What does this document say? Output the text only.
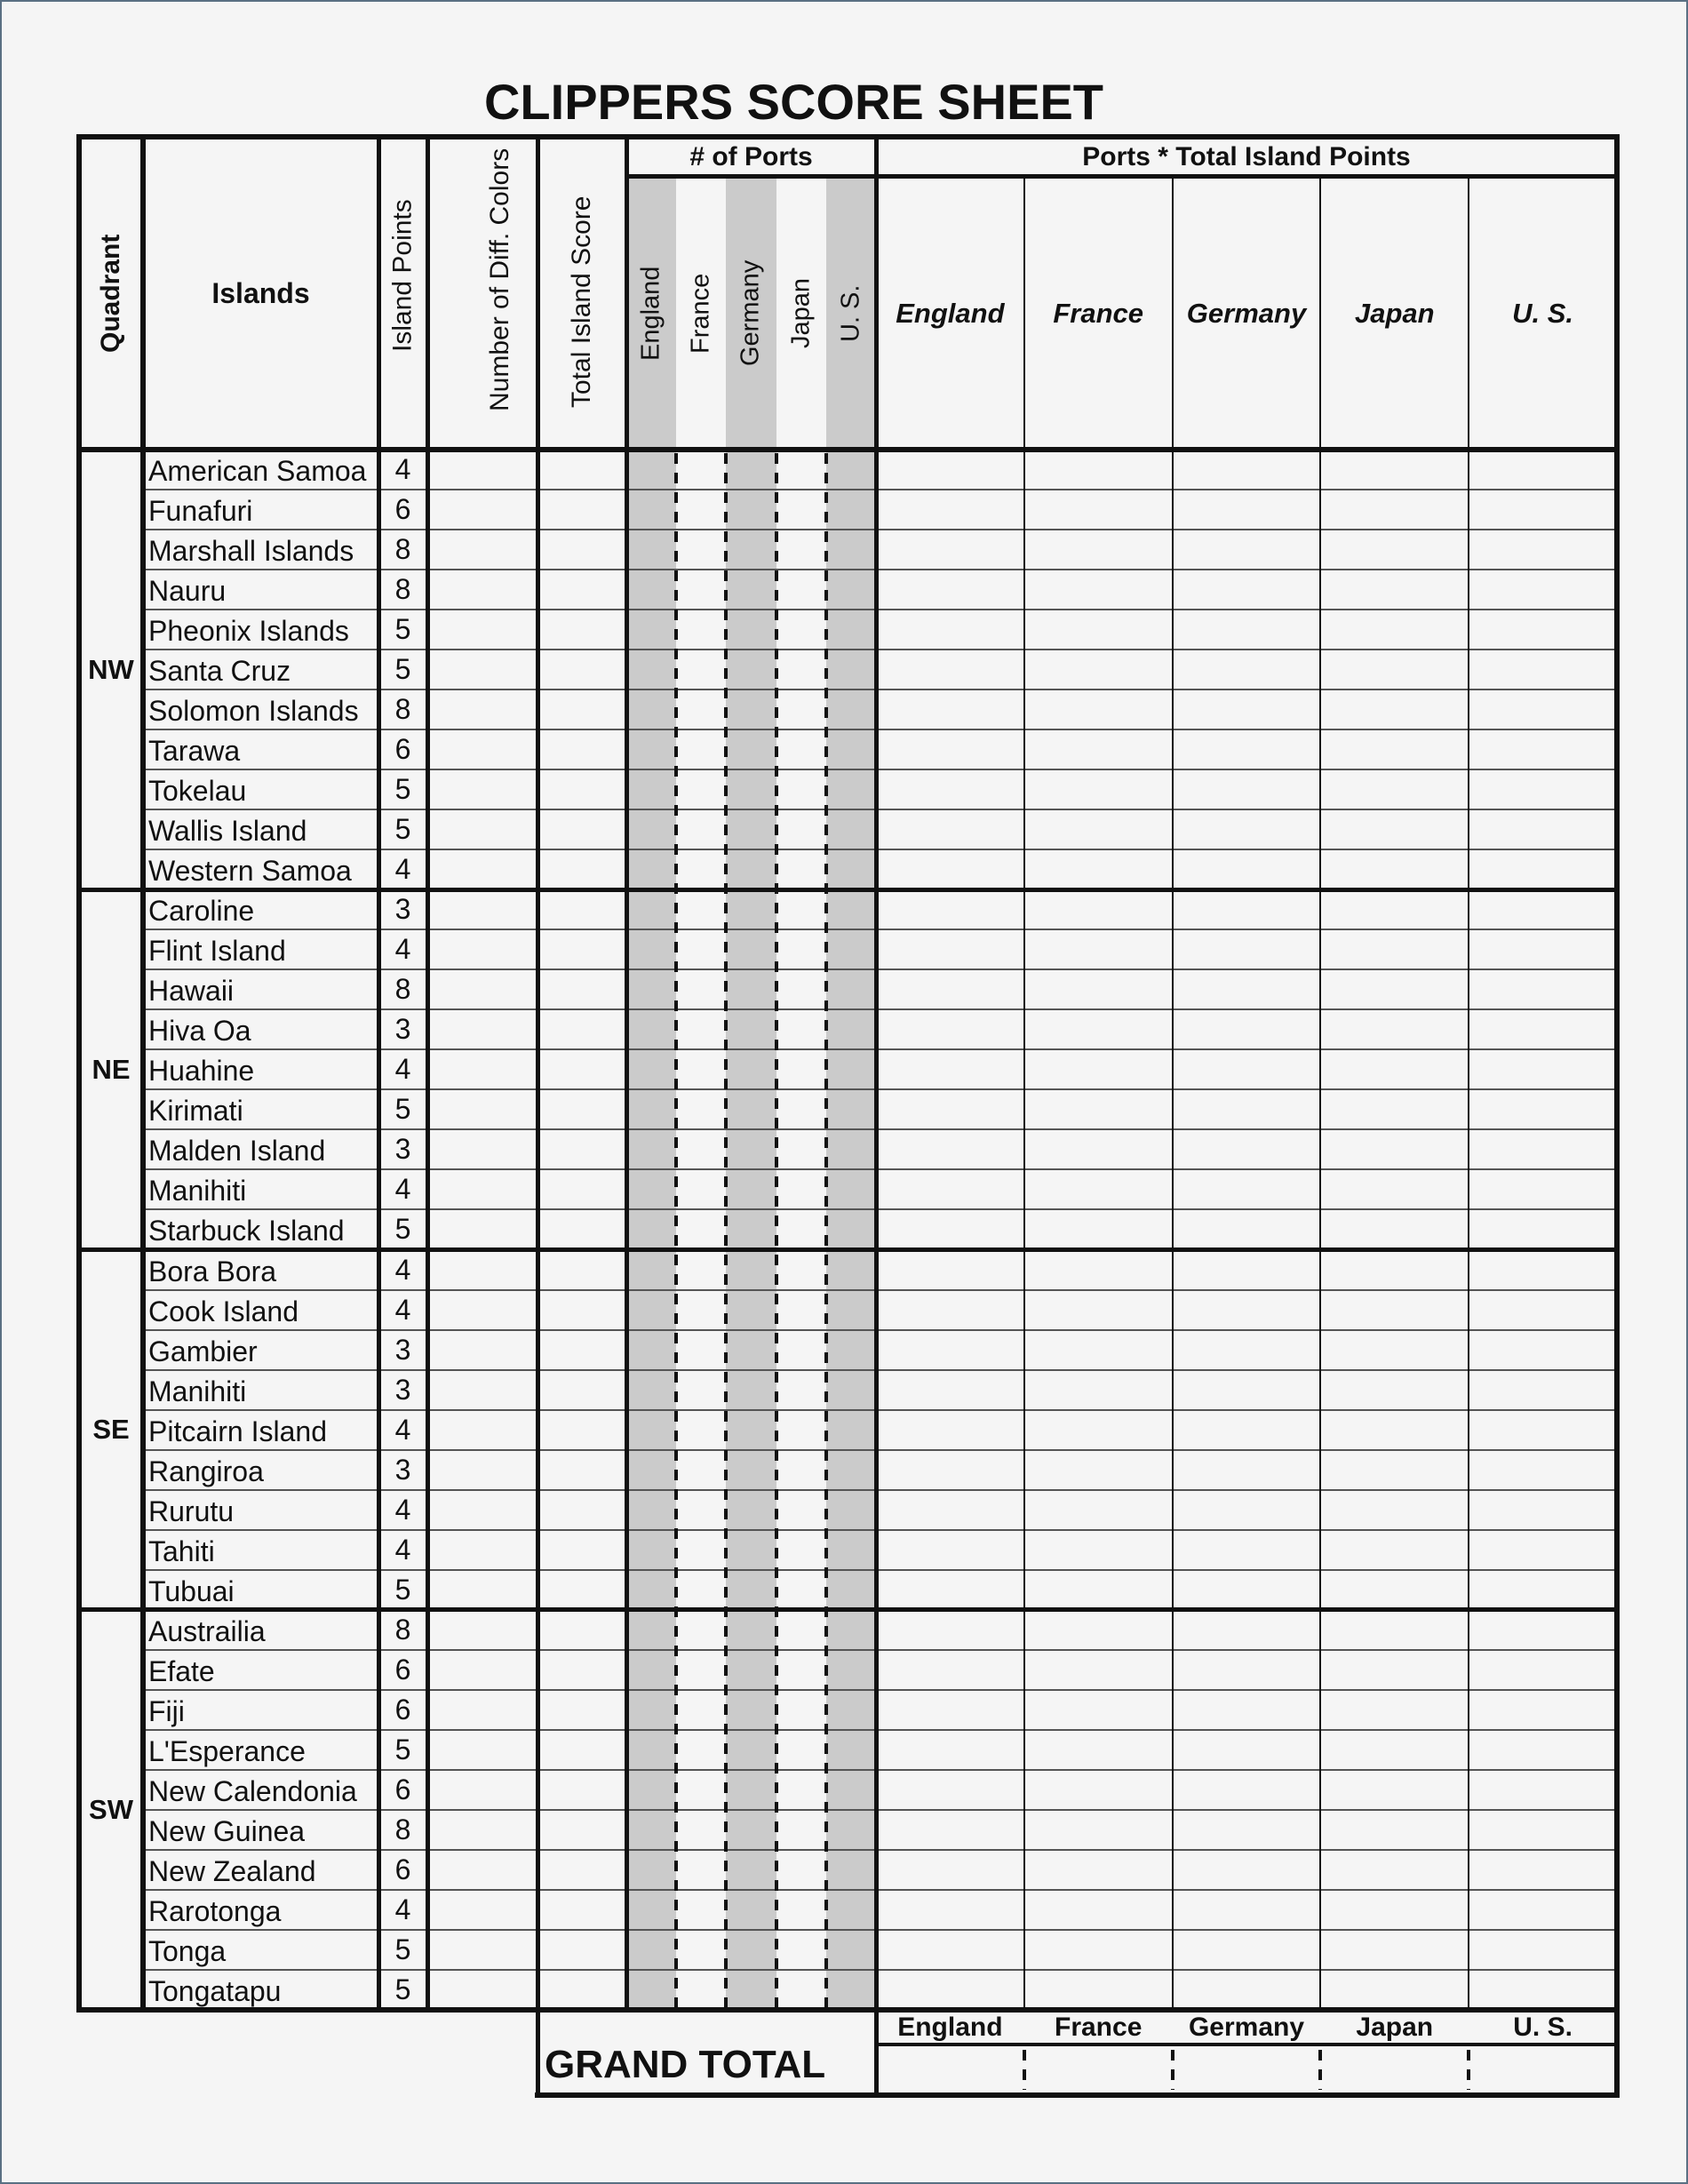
CLIPPERS SCORE SHEET
Quadrant	Islands	Island Points	Number of Diff. Colors	Total Island Score
# of Ports	Ports * Total Island Points
England	England
France	France
Germany	Germany
Japan	Japan
U. S.	U. S.
NW
American Samoa	4
Funafuri	6
Marshall Islands	8
Nauru	8
Pheonix Islands	5
Santa Cruz	5
Solomon Islands	8
Tarawa	6
Tokelau	5
Wallis Island	5
Western Samoa	4
NE
Caroline	3
Flint Island	4
Hawaii	8
Hiva Oa	3
Huahine	4
Kirimati	5
Malden Island	3
Manihiti	4
Starbuck Island	5
SE
Bora Bora	4
Cook Island	4
Gambier	3
Manihiti	3
Pitcairn Island	4
Rangiroa	3
Rurutu	4
Tahiti	4
Tubuai	5
SW
Austrailia	8
Efate	6
Fiji	6
L'Esperance	5
New Calendonia	6
New Guinea	8
New Zealand	6
Rarotonga	4
Tonga	5
Tongatapu	5
GRAND TOTAL
England	France	Germany	Japan	U. S.
